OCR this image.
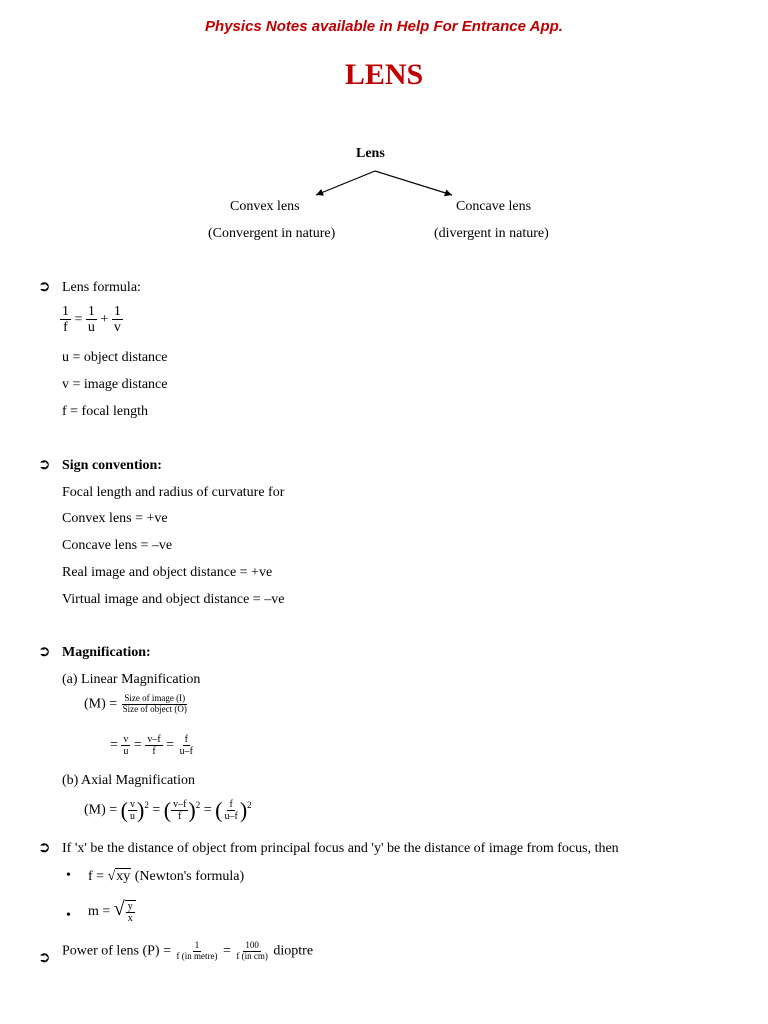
Physics Notes available in Help For Entrance App.
LENS
Lens
Convex lens
(Convergent in nature)
Concave lens
(divergent in nature)
➲ Lens formula:
$\frac{1}{f} = \frac{1}{u} + \frac{1}{v}$
u = object distance
v = image distance
f = focal length
➲ Sign convention:
Focal length and radius of curvature for
Convex lens = +ve
Concave lens = –ve
Real image and object distance = +ve
Virtual image and object distance = –ve
➲ Magnification:
(a) Linear Magnification
$(M) = \frac{\text{Size of image (I)}}{\text{Size of object (O)}}$
= $\frac{v}{u} = \frac{v-f}{f} = \frac{f}{u-f}$
(b) Axial Magnification
(M) = ( $\frac{v}{u} )^2$ = ( $\frac{v-f}{f} )^2$ = ( $\frac{f}{u-f} )^2$
➲ If 'x' be the distance of object from principal focus and 'y' be the distance of image from focus, then
• f = √xy (Newton's formula)
• m = √ $\frac{y}{x}$
➲ Power of lens $(P) = \frac{1}{\text{f (in metre)}} = \frac{100}{\text{f (in cm)}}$ dioptre
